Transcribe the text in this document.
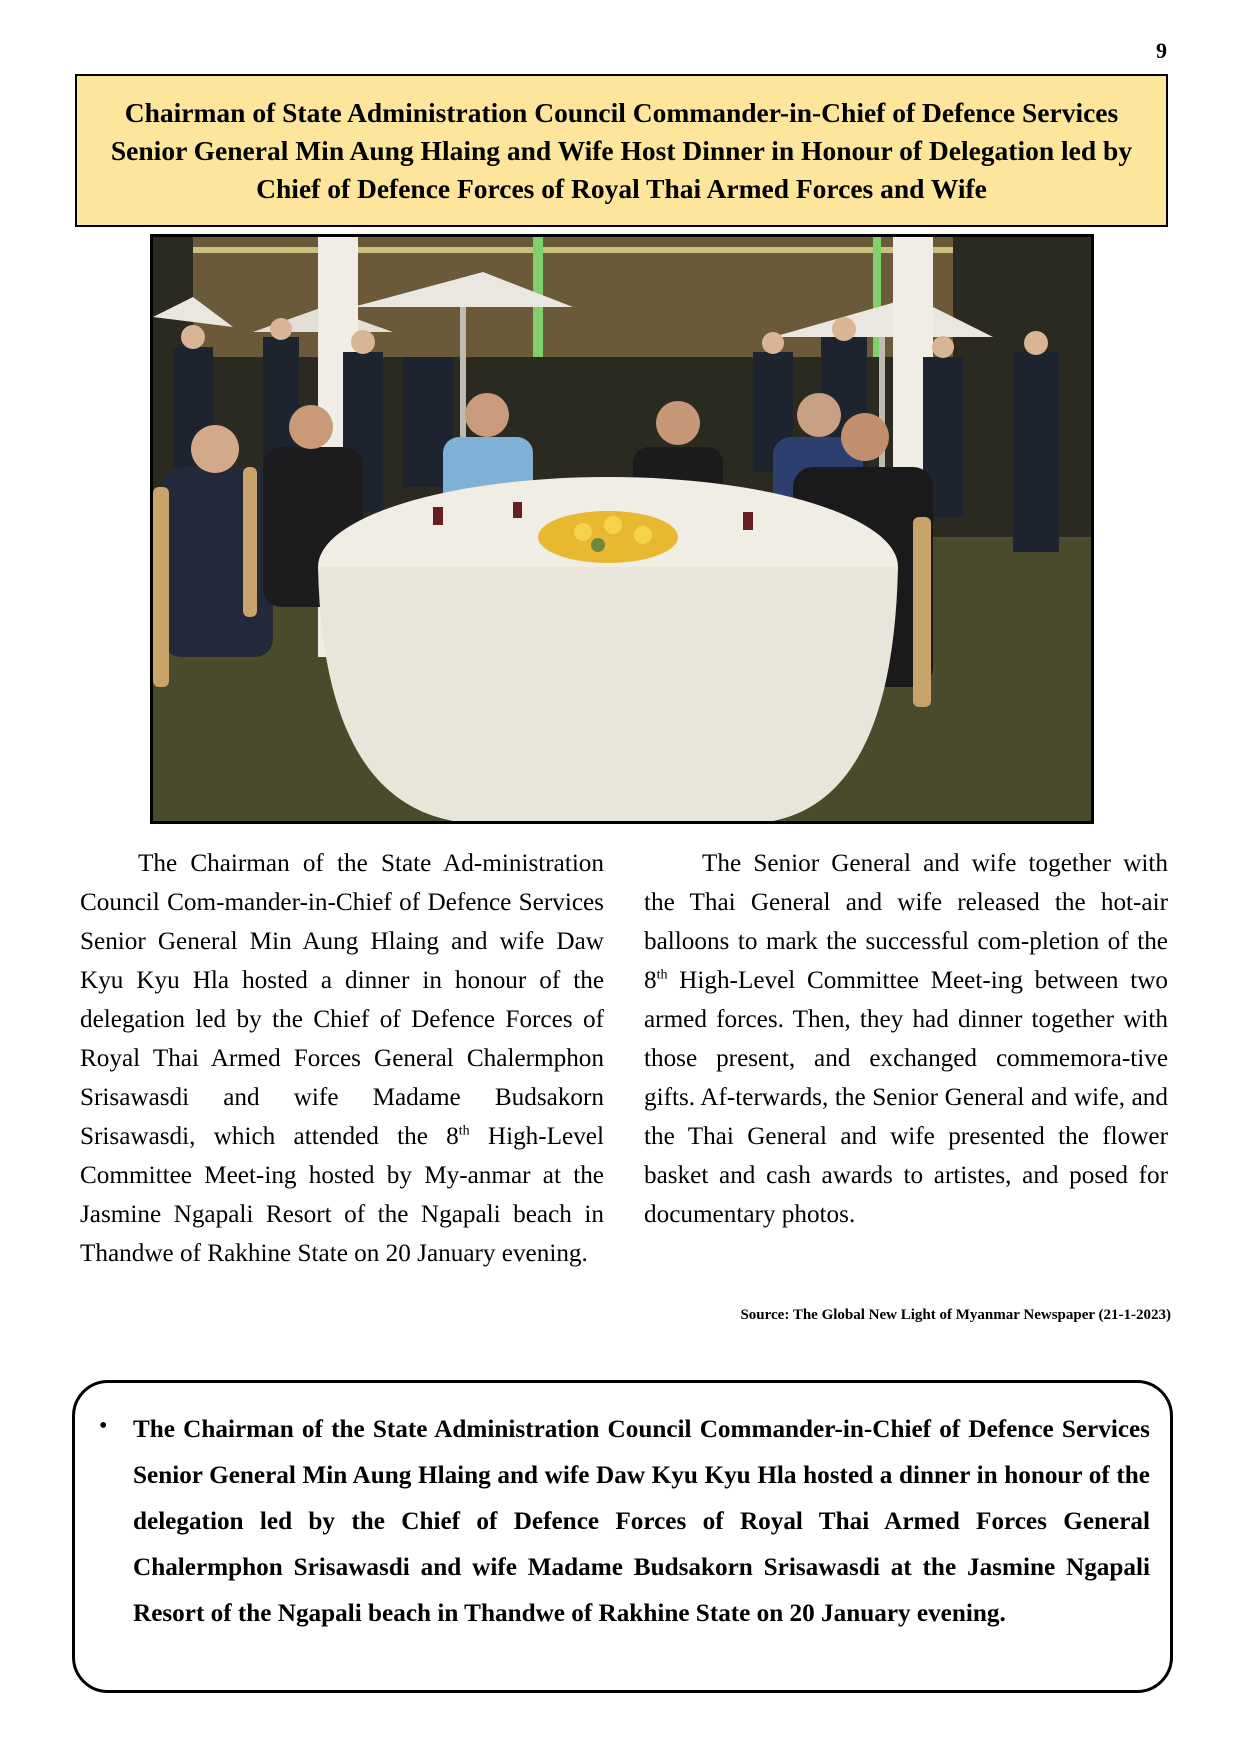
9
Chairman of State Administration Council Commander-in-Chief of Defence Services Senior General Min Aung Hlaing and Wife Host Dinner in Honour of Delegation led by Chief of Defence Forces of Royal Thai Armed Forces and Wife

The Chairman of the State Ad-ministration Council Com-mander-in-Chief of Defence Services Senior General Min Aung Hlaing and wife Daw Kyu Kyu Hla hosted a dinner in honour of the delegation led by the Chief of Defence Forces of Royal Thai Armed Forces General Chalermphon Srisawasdi and wife Madame Budsakorn Srisawasdi, which attended the 8th High-Level Committee Meet-ing hosted by My-anmar at the Jasmine Ngapali Resort of the Ngapali beach in Thandwe of Rakhine State on 20 January evening.

The Senior General and wife together with the Thai General and wife released the hot-air balloons to mark the successful com-pletion of the 8th High-Level Committee Meet-ing between two armed forces. Then, they had dinner together with those present, and exchanged commemora-tive gifts. Af-terwards, the Senior General and wife, and the Thai General and wife presented the flower basket and cash awards to artistes, and posed for documentary photos.

Source: The Global New Light of Myanmar Newspaper (21-1-2023)
• The Chairman of the State Administration Council Commander-in-Chief of Defence Services Senior General Min Aung Hlaing and wife Daw Kyu Kyu Hla hosted a dinner in honour of the delegation led by the Chief of Defence Forces of Royal Thai Armed Forces General Chalermphon Srisawasdi and wife Madame Budsakorn Srisawasdi at the Jasmine Ngapali Resort of the Ngapali beach in Thandwe of Rakhine State on 20 January evening.
